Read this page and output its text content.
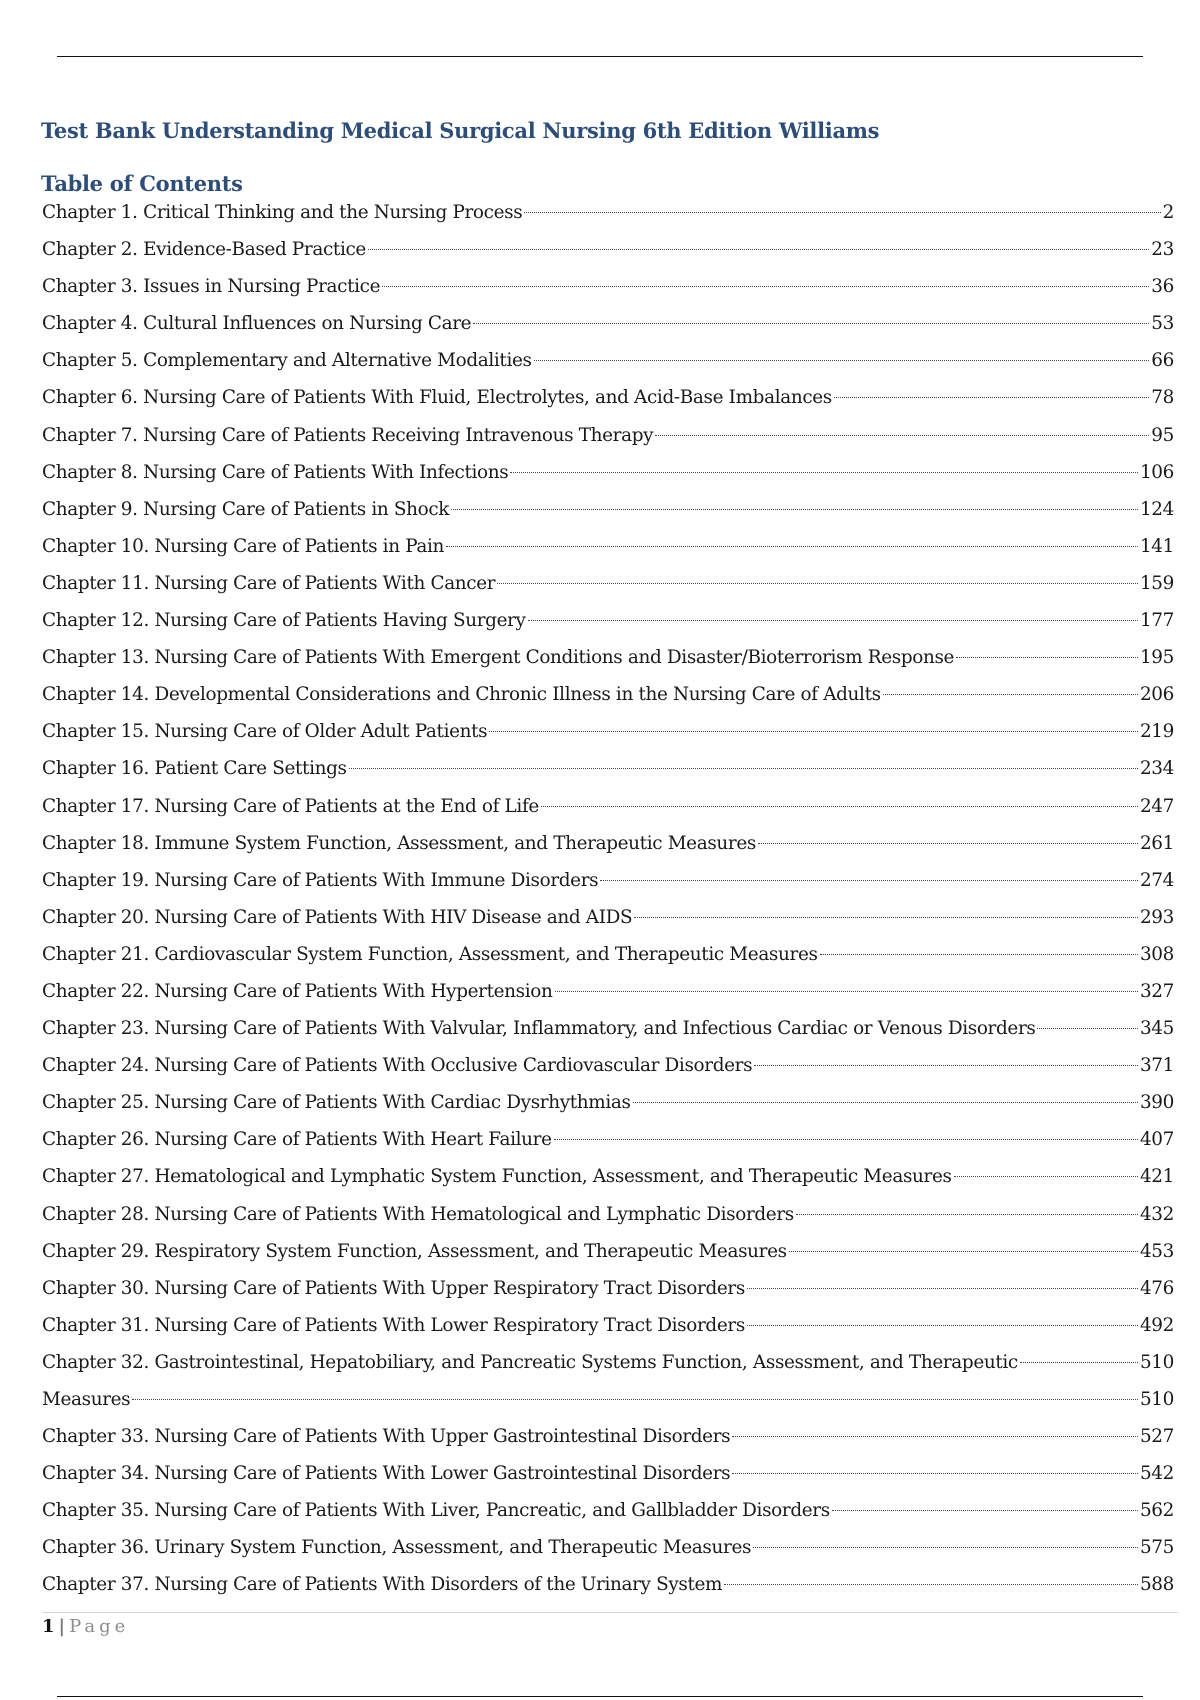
Test Bank Understanding Medical Surgical Nursing 6th Edition Williams
Table of Contents
Chapter 1. Critical Thinking and the Nursing Process	2
Chapter 2. Evidence-Based Practice	23
Chapter 3. Issues in Nursing Practice	36
Chapter 4. Cultural Influences on Nursing Care	53
Chapter 5. Complementary and Alternative Modalities	66
Chapter 6. Nursing Care of Patients With Fluid, Electrolytes, and Acid-Base Imbalances	78
Chapter 7. Nursing Care of Patients Receiving Intravenous Therapy	95
Chapter 8. Nursing Care of Patients With Infections	106
Chapter 9. Nursing Care of Patients in Shock	124
Chapter 10. Nursing Care of Patients in Pain	141
Chapter 11. Nursing Care of Patients With Cancer	159
Chapter 12. Nursing Care of Patients Having Surgery	177
Chapter 13. Nursing Care of Patients With Emergent Conditions and Disaster/Bioterrorism Response	195
Chapter 14. Developmental Considerations and Chronic Illness in the Nursing Care of Adults	206
Chapter 15. Nursing Care of Older Adult Patients	219
Chapter 16. Patient Care Settings	234
Chapter 17. Nursing Care of Patients at the End of Life	247
Chapter 18. Immune System Function, Assessment, and Therapeutic Measures	261
Chapter 19. Nursing Care of Patients With Immune Disorders	274
Chapter 20. Nursing Care of Patients With HIV Disease and AIDS	293
Chapter 21. Cardiovascular System Function, Assessment, and Therapeutic Measures	308
Chapter 22. Nursing Care of Patients With Hypertension	327
Chapter 23. Nursing Care of Patients With Valvular, Inflammatory, and Infectious Cardiac or Venous Disorders	345
Chapter 24. Nursing Care of Patients With Occlusive Cardiovascular Disorders	371
Chapter 25. Nursing Care of Patients With Cardiac Dysrhythmias	390
Chapter 26. Nursing Care of Patients With Heart Failure	407
Chapter 27. Hematological and Lymphatic System Function, Assessment, and Therapeutic Measures	421
Chapter 28. Nursing Care of Patients With Hematological and Lymphatic Disorders	432
Chapter 29. Respiratory System Function, Assessment, and Therapeutic Measures	453
Chapter 30. Nursing Care of Patients With Upper Respiratory Tract Disorders	476
Chapter 31. Nursing Care of Patients With Lower Respiratory Tract Disorders	492
Chapter 32. Gastrointestinal, Hepatobiliary, and Pancreatic Systems Function, Assessment, and Therapeutic	510
Measures	510
Chapter 33. Nursing Care of Patients With Upper Gastrointestinal Disorders	527
Chapter 34. Nursing Care of Patients With Lower Gastrointestinal Disorders	542
Chapter 35. Nursing Care of Patients With Liver, Pancreatic, and Gallbladder Disorders	562
Chapter 36. Urinary System Function, Assessment, and Therapeutic Measures	575
Chapter 37. Nursing Care of Patients With Disorders of the Urinary System	588
1 | Page
